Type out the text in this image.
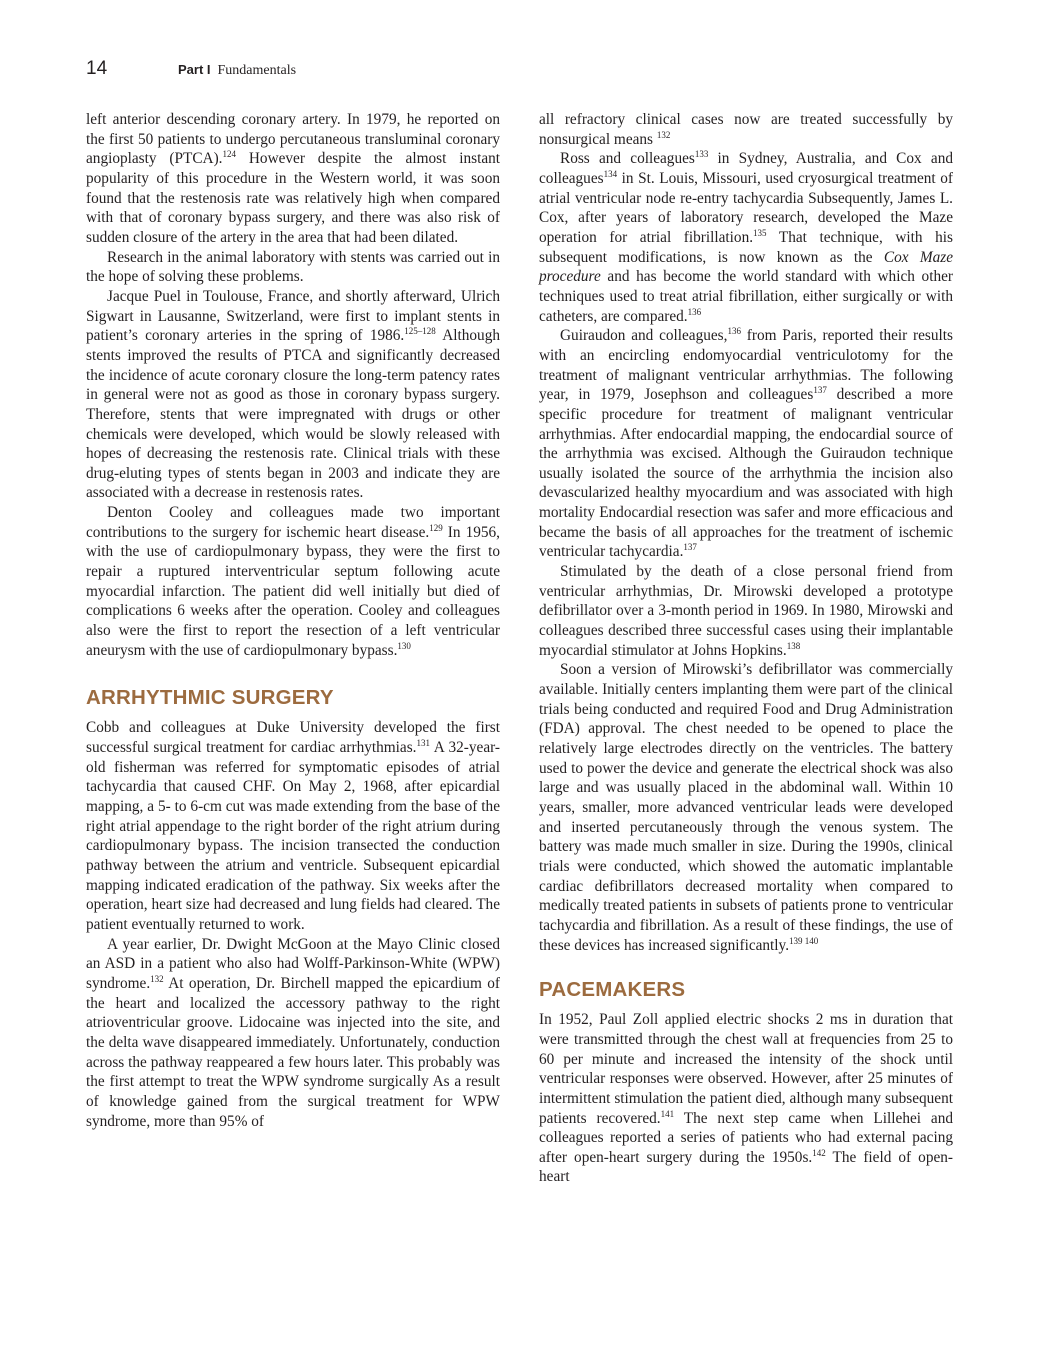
14	Part I Fundamentals

left anterior descending coronary artery. In 1979, he reported on the first 50 patients to undergo percutaneous transluminal coronary angioplasty (PTCA).$^{124}$ However despite the almost instant popularity of this procedure in the Western world, it was soon found that the restenosis rate was relatively high when compared with that of coronary bypass surgery, and there was also risk of sudden closure of the artery in the area that had been dilated.

Research in the animal laboratory with stents was carried out in the hope of solving these problems.

Jacque Puel in Toulouse, France, and shortly afterward, Ulrich Sigwart in Lausanne, Switzerland, were first to implant stents in patient’s coronary arteries in the spring of 1986.$^{125-128}$ Although stents improved the results of PTCA and significantly decreased the incidence of acute coronary closure the long-term patency rates in general were not as good as those in coronary bypass surgery. Therefore, stents that were impregnated with drugs or other chemicals were developed, which would be slowly released with hopes of decreasing the restenosis rate. Clinical trials with these drug-eluting types of stents began in 2003 and indicate they are associated with a decrease in restenosis rates.

Denton Cooley and colleagues made two important contributions to the surgery for ischemic heart disease.$^{129}$ In 1956, with the use of cardiopulmonary bypass, they were the first to repair a ruptured interventricular septum following acute myocardial infarction. The patient did well initially but died of complications 6 weeks after the operation. Cooley and colleagues also were the first to report the resection of a left ventricular aneurysm with the use of cardiopulmonary bypass.$^{130}$

ARRHYTHMIC SURGERY

Cobb and colleagues at Duke University developed the first successful surgical treatment for cardiac arrhythmias.$^{131}$ A 32-year-old fisherman was referred for symptomatic episodes of atrial tachycardia that caused CHF. On May 2, 1968, after epicardial mapping, a 5- to 6-cm cut was made extending from the base of the right atrial appendage to the right border of the right atrium during cardiopulmonary bypass. The incision transected the conduction pathway between the atrium and ventricle. Subsequent epicardial mapping indicated eradication of the pathway. Six weeks after the operation, heart size had decreased and lung fields had cleared. The patient eventually returned to work.

A year earlier, Dr. Dwight McGoon at the Mayo Clinic closed an ASD in a patient who also had Wolff-Parkinson-White (WPW) syndrome.$^{132}$ At operation, Dr. Birchell mapped the epicardium of the heart and localized the accessory pathway to the right atrioventricular groove. Lidocaine was injected into the site, and the delta wave disappeared immediately. Unfortunately, conduction across the pathway reappeared a few hours later. This probably was the first attempt to treat the WPW syndrome surgically As a result of knowledge gained from the surgical treatment for WPW syndrome, more than 95% of

all refractory clinical cases now are treated successfully by nonsurgical means $^{132}$

Ross and colleagues$^{133}$ in Sydney, Australia, and Cox and colleagues$^{134}$ in St. Louis, Missouri, used cryosurgical treatment of atrial ventricular node re-entry tachycardia Subsequently, James L. Cox, after years of laboratory research, developed the Maze operation for atrial fibrillation.$^{135}$ That technique, with his subsequent modifications, is now known as the Cox Maze procedure and has become the world standard with which other techniques used to treat atrial fibrillation, either surgically or with catheters, are compared.$^{136}$

Guiraudon and colleagues,$^{136}$ from Paris, reported their results with an encircling endomyocardial ventriculotomy for the treatment of malignant ventricular arrhythmias. The following year, in 1979, Josephson and colleagues$^{137}$ described a more specific procedure for treatment of malignant ventricular arrhythmias. After endocardial mapping, the endocardial source of the arrhythmia was excised. Although the Guiraudon technique usually isolated the source of the arrhythmia the incision also devascularized healthy myocardium and was associated with high mortality Endocardial resection was safer and more efficacious and became the basis of all approaches for the treatment of ischemic ventricular tachycardia.$^{137}$

Stimulated by the death of a close personal friend from ventricular arrhythmias, Dr. Mirowski developed a prototype defibrillator over a 3-month period in 1969. In 1980, Mirowski and colleagues described three successful cases using their implantable myocardial stimulator at Johns Hopkins.$^{138}$

Soon a version of Mirowski’s defibrillator was commercially available. Initially centers implanting them were part of the clinical trials being conducted and required Food and Drug Administration (FDA) approval. The chest needed to be opened to place the relatively large electrodes directly on the ventricles. The battery used to power the device and generate the electrical shock was also large and was usually placed in the abdominal wall. Within 10 years, smaller, more advanced ventricular leads were developed and inserted percutaneously through the venous system. The battery was made much smaller in size. During the 1990s, clinical trials were conducted, which showed the automatic implantable cardiac defibrillators decreased mortality when compared to medically treated patients in subsets of patients prone to ventricular tachycardia and fibrillation. As a result of these findings, the use of these devices has increased significantly.$^{139 140}$

PACEMAKERS

In 1952, Paul Zoll applied electric shocks 2 ms in duration that were transmitted through the chest wall at frequencies from 25 to 60 per minute and increased the intensity of the shock until ventricular responses were observed. However, after 25 minutes of intermittent stimulation the patient died, although many subsequent patients recovered.$^{141}$ The next step came when Lillehei and colleagues reported a series of patients who had external pacing after open-heart surgery during the 1950s.$^{142}$ The field of open-heart
